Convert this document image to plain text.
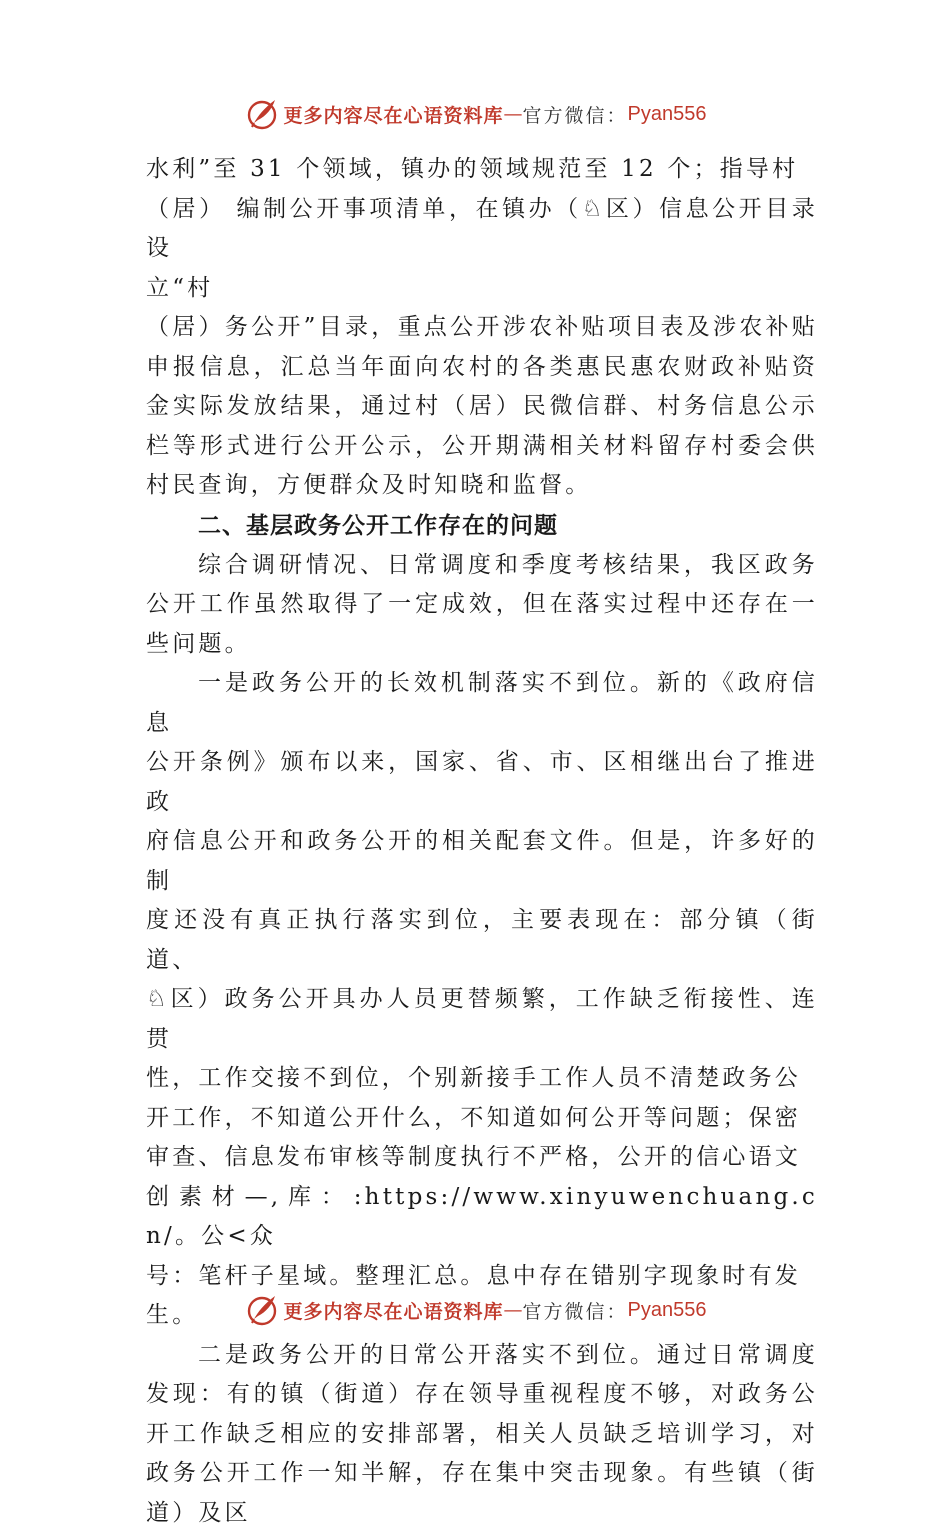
更多内容尽在心语资料库 — 官方微信： Pyan556

水利”至 31 个领域，镇办的领域规范至 12 个；指导村
（居） 编制公开事项清单，在镇办（♘区）信息公开目录设
立“村

（居）务公开”目录，重点公开涉农补贴项目表及涉农补贴申报信息，汇总当年面向农村的各类惠民惠农财政补贴资金实际发放结果，通过村（居）民微信群、村务信息公示栏等形式进行公开公示，公开期满相关材料留存村委会供村民查询，方便群众及时知晓和监督。

二、基层政务公开工作存在的问题

综合调研情况、日常调度和季度考核结果，我区政务公开工作虽然取得了一定成效，但在落实过程中还存在一些问题。

一是政务公开的长效机制落实不到位。新的《政府信息
公开条例》颁布以来，国家、省、市、区相继出台了推进政
府信息公开和政务公开的相关配套文件。但是，许多好的制
度还没有真正执行落实到位，主要表现在：部分镇（街道、
♘区）政务公开具办人员更替频繁，工作缺乏衔接性、连贯
性，工作交接不到位，个别新接手工作人员不清楚政务公
开工作，不知道公开什么，不知道如何公开等问题；保密
审查、信息发布审核等制度执行不严格，公开的信心语文
创素材—,库：:https://www.xinyuwenchuang.cn/。公<众
号：笔杆子星域。整理汇总。息中存在错别字现象时有发
生。

二是政务公开的日常公开落实不到位。通过日常调度发现：有的镇（街道）存在领导重视程度不够，对政务公开工作缺乏相应的安排部署，相关人员缺乏培训学习，对政务公开工作一知半解，存在集中突击现象。有些镇（街道）及区

更多内容尽在心语资料库 — 官方微信： Pyan556
